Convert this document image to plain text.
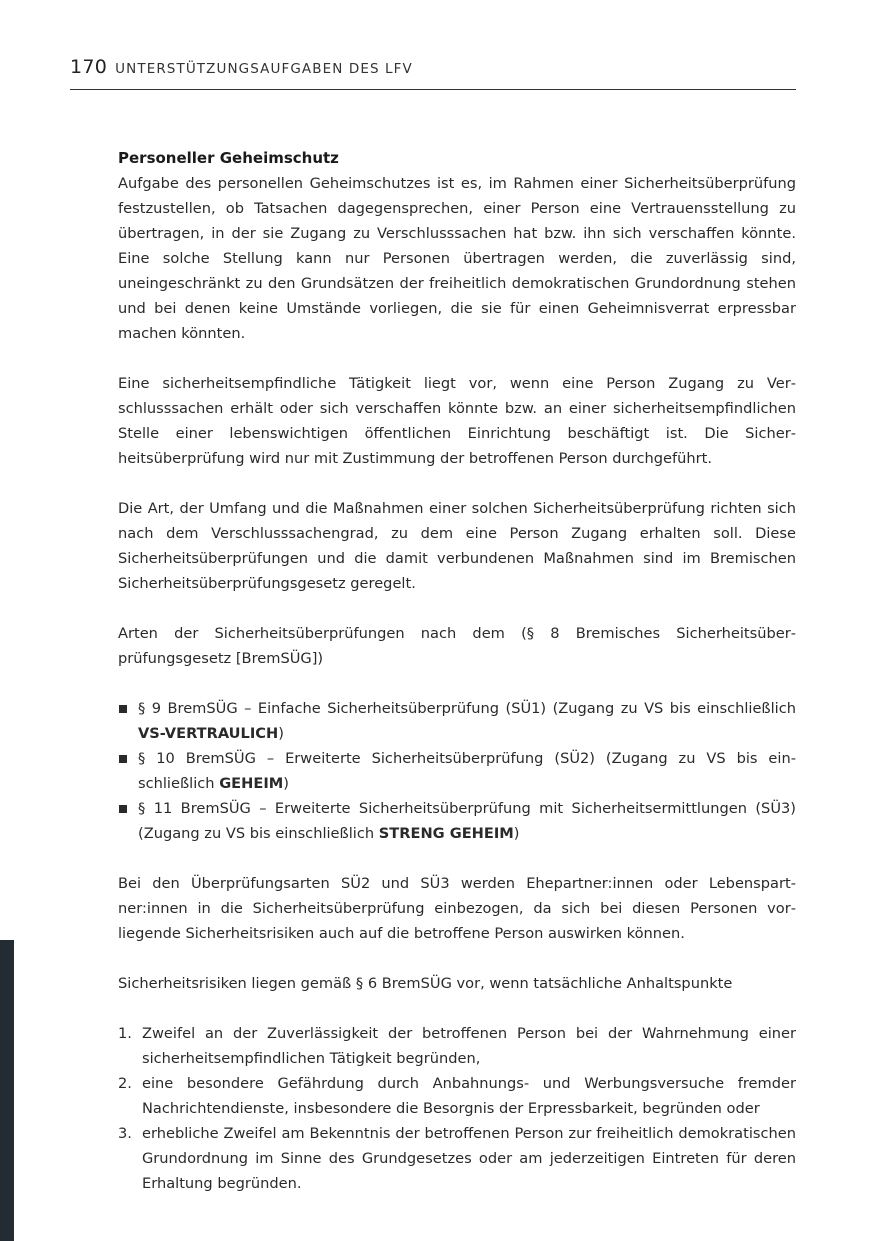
170 UNTERSTÜTZUNGSAUFGABEN DES LFV
Personeller Geheimschutz

Aufgabe des personellen Geheimschutzes ist es, im Rahmen einer Sicherheitsüberprüfung festzustellen, ob Tatsachen dagegensprechen, einer Person eine Vertrauensstellung zu übertragen, in der sie Zugang zu Verschlusssachen hat bzw. ihn sich verschaffen könnte. Eine solche Stellung kann nur Personen übertragen werden, die zuverlässig sind, uneingeschränkt zu den Grundsätzen der freiheitlich demokratischen Grundordnung stehen und bei denen keine Umstände vorliegen, die sie für einen Geheimnisverrat erpressbar machen könnten.

Eine sicherheitsempfindliche Tätigkeit liegt vor, wenn eine Person Zugang zu Verschlusssachen erhält oder sich verschaffen könnte bzw. an einer sicherheitsempfindlichen Stelle einer lebenswichtigen öffentlichen Einrichtung beschäftigt ist. Die Sicherheitsüberprüfung wird nur mit Zustimmung der betroffenen Person durchgeführt.

Die Art, der Umfang und die Maßnahmen einer solchen Sicherheitsüberprüfung richten sich nach dem Verschlusssachengrad, zu dem eine Person Zugang erhalten soll. Diese Sicherheitsüberprüfungen und die damit verbundenen Maßnahmen sind im Bremischen Sicherheitsüberprüfungsgesetz geregelt.

Arten der Sicherheitsüberprüfungen nach dem (§ 8 Bremisches Sicherheitsüberprüfungsgesetz [BremSÜG])

§ 9 BremSÜG – Einfache Sicherheitsüberprüfung (SÜ1) (Zugang zu VS bis einschließlich VS-VERTRAULICH)
§ 10 BremSÜG – Erweiterte Sicherheitsüberprüfung (SÜ2) (Zugang zu VS bis einschließlich GEHEIM)
§ 11 BremSÜG – Erweiterte Sicherheitsüberprüfung mit Sicherheitsermittlungen (SÜ3) (Zugang zu VS bis einschließlich STRENG GEHEIM)

Bei den Überprüfungsarten SÜ2 und SÜ3 werden Ehepartner:innen oder Lebenspartner:innen in die Sicherheitsüberprüfung einbezogen, da sich bei diesen Personen vorliegende Sicherheitsrisiken auch auf die betroffene Person auswirken können.

Sicherheitsrisiken liegen gemäß § 6 BremSÜG vor, wenn tatsächliche Anhaltspunkte

1. Zweifel an der Zuverlässigkeit der betroffenen Person bei der Wahrnehmung einer sicherheitsempfindlichen Tätigkeit begründen,
2. eine besondere Gefährdung durch Anbahnungs- und Werbungsversuche fremder Nachrichtendienste, insbesondere die Besorgnis der Erpressbarkeit, begründen oder
3. erhebliche Zweifel am Bekenntnis der betroffenen Person zur freiheitlich demokratischen Grundordnung im Sinne des Grundgesetzes oder am jederzeitigen Eintreten für deren Erhaltung begründen.
